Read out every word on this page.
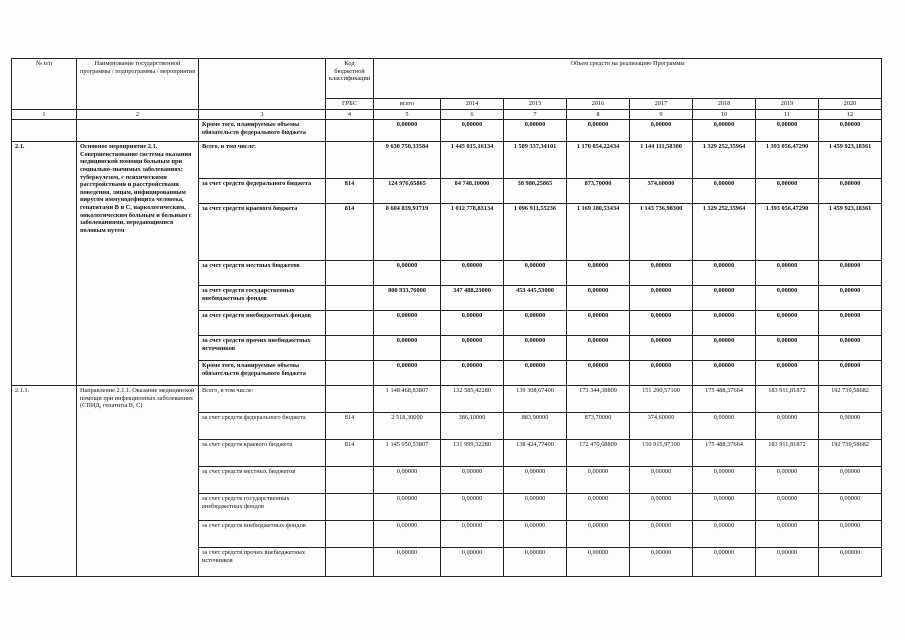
№ п/п	Наименование государственной программы / подпрограммы / мероприятия		Код бюджетной классификации	Объем средств на реализацию Программы							
			ГРБС	всего	2014	2015	2016	2017	2018	2019	2020
1	2	3	4	5	6	7	8	9	10	11	12
		Кроме того, планируемые объемы обязательств федерального бюджета		0,00000	0,00000	0,00000	0,00000	0,00000	0,00000	0,00000	0,00000
2.1.	Основное мероприятие 2.1. Совершенствование системы оказания медицинской помощи больным при социально-значимых заболеваниях: туберкулезом, с психическими расстройствами и расстройствами поведения, лицам, инфицированным вирусом иммунодефицита человека, гепатитами В и С, наркологическим, онкологическим больным и больным с заболеваниями, передающимися половым путем	Всего, в том числе:		9 630 750,33584	1 445 015,16134	1 589 337,34101	1 170 054,22434	1 144 111,58300	1 329 252,35964	1 393 056,47290	1 459 923,18361
		за счет средств федерального бюджета	814	124 976,65865	84 748,10000	38 980,25865	873,70000	374,60000	0,00000	0,00000	0,00000
		за счет средств краевого бюджета	814	8 604 839,91719	1 012 778,83134	1 096 911,55236	1 169 180,53434	1 143 736,98300	1 329 252,35964	1 393 056,47290	1 459 923,18361
		за счет средств местных бюджетов		0,00000	0,00000	0,00000	0,00000	0,00000	0,00000	0,00000	0,00000
		за счет средств государственных внебюджетных фондов		800 933,76000	347 488,23000	453 445,53000	0,00000	0,00000	0,00000	0,00000	0,00000
		за счет средств внебюджетных фондов		0,00000	0,00000	0,00000	0,00000	0,00000	0,00000	0,00000	0,00000
		за счет средств прочих внебюджетных источников		0,00000	0,00000	0,00000	0,00000	0,00000	0,00000	0,00000	0,00000
		Кроме того, планируемые объемы обязательств федерального бюджета		0,00000	0,00000	0,00000	0,00000	0,00000	0,00000	0,00000	0,00000
2.1.1.	Направление 2.1.1. Оказание медицинской помощи при инфекционных заболеваниях (СПИД, гепатиты В, С)	Всего, в том числе:		1 148 468,83807	132 585,42280	139 308,67400	173 344,38809	151 290,57100	175 488,37664	183 911,81872	192 739,58682
		за счет средств федерального бюджета	814	2 518,30000	386,10000	883,90000	873,70000	374,60000	0,00000	0,00000	0,00000
		за счет средств краевого бюджета	814	1 145 950,53807	131 999,32280	138 424,77400	172 470,68809	150 915,97100	175 488,37664	183 911,81872	192 739,58682
		за счет средств местных бюджетов		0,00000	0,00000	0,00000	0,00000	0,00000	0,00000	0,00000	0,00000
		за счет средств государственных внебюджетных фондов		0,00000	0,00000	0,00000	0,00000	0,00000	0,00000	0,00000	0,00000
		за счет средств внебюджетных фондов		0,00000	0,00000	0,00000	0,00000	0,00000	0,00000	0,00000	0,00000
		за счет средств прочих внебюджетных источников		0,00000	0,00000	0,00000	0,00000	0,00000	0,00000	0,00000	0,00000
